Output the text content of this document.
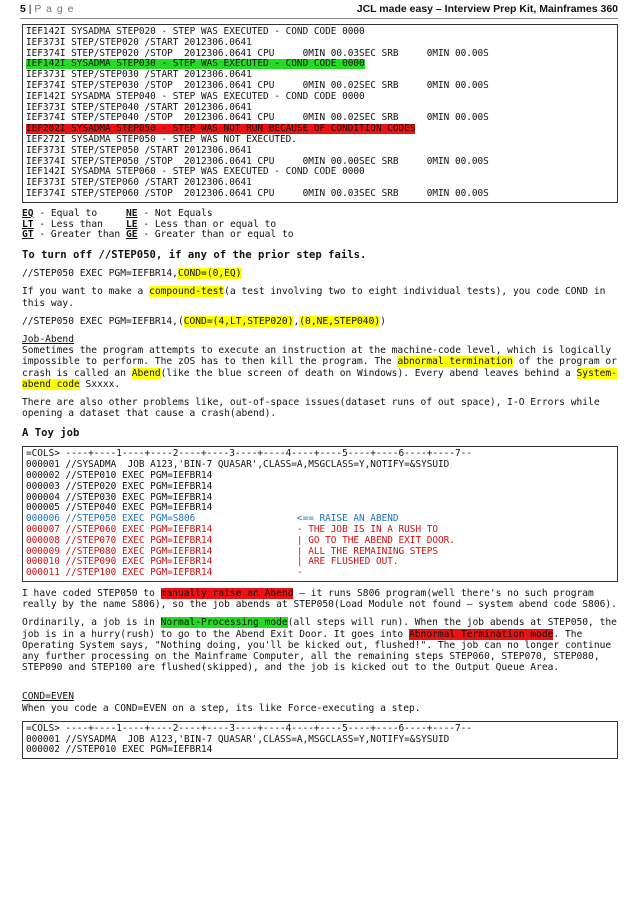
5 | P a g e	JCL made easy – Interview Prep Kit, Mainframes 360
IEF142I SYSADMA STEP020 - STEP WAS EXECUTED - COND CODE 0000
IEF373I STEP/STEP020 /START 2012306.0641
IEF374I STEP/STEP020 /STOP  2012306.0641 CPU     0MIN 00.03SEC SRB     0MIN 00.00S
IEF142I SYSADMA STEP030 - STEP WAS EXECUTED - COND CODE 0000
IEF373I STEP/STEP030 /START 2012306.0641
IEF374I STEP/STEP030 /STOP  2012306.0641 CPU     0MIN 00.02SEC SRB     0MIN 00.00S
IEF142I SYSADMA STEP040 - STEP WAS EXECUTED - COND CODE 0000
IEF373I STEP/STEP040 /START 2012306.0641
IEF374I STEP/STEP040 /STOP  2012306.0641 CPU     0MIN 00.02SEC SRB     0MIN 00.00S
IEF202I SYSADMA STEP050 - STEP WAS NOT RUN BECAUSE OF CONDITION CODES
IEF272I SYSADMA STEP050 - STEP WAS NOT EXECUTED.
IEF373I STEP/STEP050 /START 2012306.0641
IEF374I STEP/STEP050 /STOP  2012306.0641 CPU     0MIN 00.00SEC SRB     0MIN 00.00S
IEF142I SYSADMA STEP060 - STEP WAS EXECUTED - COND CODE 0000
IEF373I STEP/STEP060 /START 2012306.0641
IEF374I STEP/STEP060 /STOP  2012306.0641 CPU     0MIN 00.03SEC SRB     0MIN 00.00S
EQ - Equal to     NE - Not Equals
LT - Less than    LE - Less than or equal to
GT - Greater than GE - Greater than or equal to
To turn off //STEP050, if any of the prior step fails.
//STEP050 EXEC PGM=IEFBR14,COND=(0,EQ)
If you want to make a compound-test(a test involving two to eight individual tests), you code COND in this way.
//STEP050 EXEC PGM=IEFBR14,(COND=(4,LT,STEP020),(0,NE,STEP040))
Job-Abend
Sometimes the program attempts to execute an instruction at the machine-code level, which is logically impossible to perform. The zOS has to then kill the program. The abnormal termination of the program or crash is called an Abend(like the blue screen of death on Windows). Every abend leaves behind a System-abend code Sxxxx.
There are also other problems like, out-of-space issues(dataset runs of out space), I-O Errors while opening a dataset that cause a crash(abend).
A Toy job
=COLS> ----+----1----+----2----+----3----+----4----+----5----+----6----+----7--
000001 //SYSADMA  JOB A123,'BIN-7 QUASAR',CLASS=A,MSGCLASS=Y,NOTIFY=&SYSUID
000002 //STEP010 EXEC PGM=IEFBR14
000003 //STEP020 EXEC PGM=IEFBR14
000004 //STEP030 EXEC PGM=IEFBR14
000005 //STEP040 EXEC PGM=IEFBR14
000006 //STEP050 EXEC PGM=S806                  <== RAISE AN ABEND
000007 //STEP060 EXEC PGM=IEFBR14               - THE JOB IS IN A RUSH TO
000008 //STEP070 EXEC PGM=IEFBR14               | GO TO THE ABEND EXIT DOOR.
000009 //STEP080 EXEC PGM=IEFBR14               | ALL THE REMAINING STEPS
000010 //STEP090 EXEC PGM=IEFBR14               | ARE FLUSHED OUT.
000011 //STEP100 EXEC PGM=IEFBR14               -
I have coded STEP050 to manually raise an Abend – it runs S806 program(well there's no such program really by the name S806), so the job abends at STEP050(Load Module not found – system abend code S806).
Ordinarily, a job is in Normal-Processing mode(all steps will run). When the job abends at STEP050, the job is in a hurry(rush) to go to the Abend Exit Door. It goes into Abnormal Termination mode. The Operating System says, "Nothing doing, you'll be kicked out, flushed!". The job can no longer continue any further processing on the Mainframe Computer, all the remaining steps STEP060, STEP070, STEP080, STEP090 and STEP100 are flushed(skipped), and the job is kicked out to the Output Queue Area.
COND=EVEN
When you code a COND=EVEN on a step, its like Force-executing a step.
=COLS> ----+----1----+----2----+----3----+----4----+----5----+----6----+----7--
000001 //SYSADMA  JOB A123,'BIN-7 QUASAR',CLASS=A,MSGCLASS=Y,NOTIFY=&SYSUID
000002 //STEP010 EXEC PGM=IEFBR14
